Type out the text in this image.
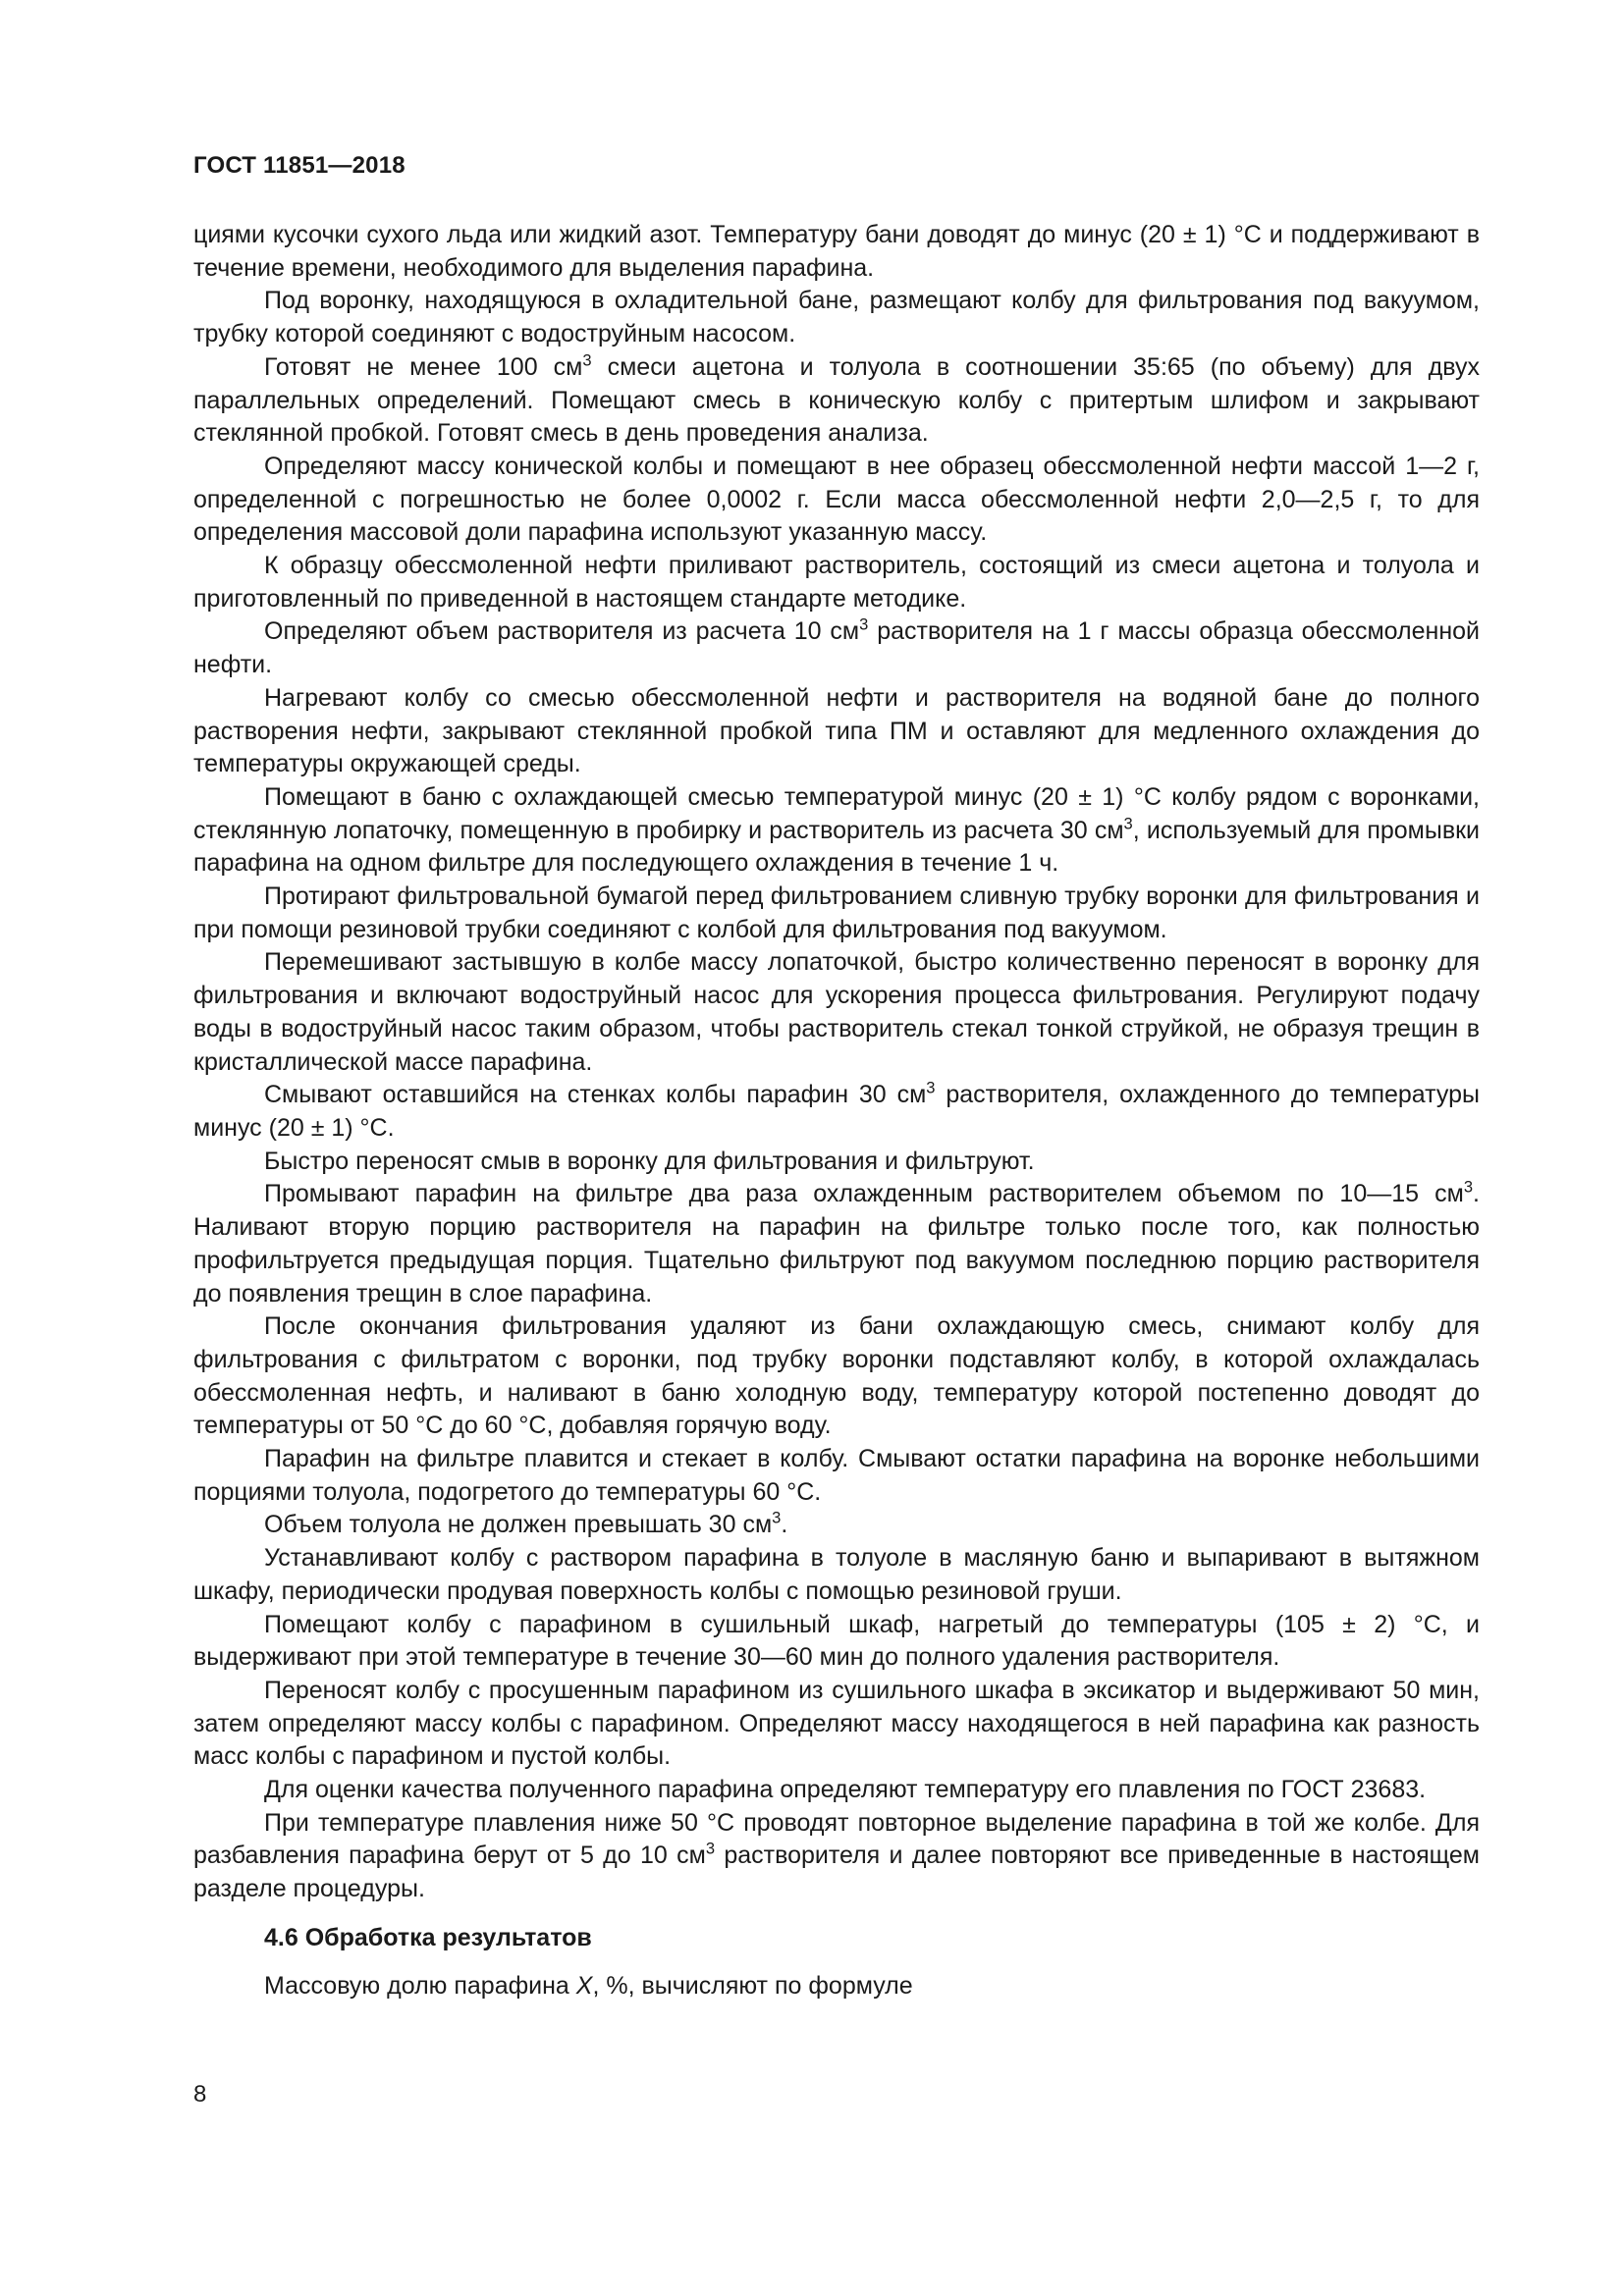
ГОСТ 11851—2018

циями кусочки сухого льда или жидкий азот. Температуру бани доводят до минус (20 ± 1) °С и поддерживают в течение времени, необходимого для выделения парафина.

Под воронку, находящуюся в охладительной бане, размещают колбу для фильтрования под вакуумом, трубку которой соединяют с водоструйным насосом.

Готовят не менее 100 $см^3$ смеси ацетона и толуола в соотношении 35:65 (по объему) для двух параллельных определений. Помещают смесь в коническую колбу с притертым шлифом и закрывают стеклянной пробкой. Готовят смесь в день проведения анализа.

Определяют массу конической колбы и помещают в нее образец обессмоленной нефти массой 1—2 г, определенной с погрешностью не более 0,0002 г. Если масса обессмоленной нефти 2,0—2,5 г, то для определения массовой доли парафина используют указанную массу.

К образцу обессмоленной нефти приливают растворитель, состоящий из смеси ацетона и толуола и приготовленный по приведенной в настоящем стандарте методике.

Определяют объем растворителя из расчета 10 $см^3$ растворителя на 1 г массы образца обессмоленной нефти.

Нагревают колбу со смесью обессмоленной нефти и растворителя на водяной бане до полного растворения нефти, закрывают стеклянной пробкой типа ПМ и оставляют для медленного охлаждения до температуры окружающей среды.

Помещают в баню с охлаждающей смесью температурой минус (20 ± 1) °С колбу рядом с воронками, стеклянную лопаточку, помещенную в пробирку и растворитель из расчета 30 $см^3$, используемый для промывки парафина на одном фильтре для последующего охлаждения в течение 1 ч.

Протирают фильтровальной бумагой перед фильтрованием сливную трубку воронки для фильтрования и при помощи резиновой трубки соединяют с колбой для фильтрования под вакуумом.

Перемешивают застывшую в колбе массу лопаточкой, быстро количественно переносят в воронку для фильтрования и включают водоструйный насос для ускорения процесса фильтрования. Регулируют подачу воды в водоструйный насос таким образом, чтобы растворитель стекал тонкой струйкой, не образуя трещин в кристаллической массе парафина.

Смывают оставшийся на стенках колбы парафин 30 $см^3$ растворителя, охлажденного до температуры минус (20 ± 1) °С.

Быстро переносят смыв в воронку для фильтрования и фильтруют.

Промывают парафин на фильтре два раза охлажденным растворителем объемом по 10—15 $см^3$. Наливают вторую порцию растворителя на парафин на фильтре только после того, как полностью профильтруется предыдущая порция. Тщательно фильтруют под вакуумом последнюю порцию растворителя до появления трещин в слое парафина.

После окончания фильтрования удаляют из бани охлаждающую смесь, снимают колбу для фильтрования с фильтратом с воронки, под трубку воронки подставляют колбу, в которой охлаждалась обессмоленная нефть, и наливают в баню холодную воду, температуру которой постепенно доводят до температуры от 50 °С до 60 °С, добавляя горячую воду.

Парафин на фильтре плавится и стекает в колбу. Смывают остатки парафина на воронке небольшими порциями толуола, подогретого до температуры 60 °С.

Объем толуола не должен превышать 30 $см^3$.

Устанавливают колбу с раствором парафина в толуоле в масляную баню и выпаривают в вытяжном шкафу, периодически продувая поверхность колбы с помощью резиновой груши.

Помещают колбу с парафином в сушильный шкаф, нагретый до температуры (105 ± 2) °С, и выдерживают при этой температуре в течение 30—60 мин до полного удаления растворителя.

Переносят колбу с просушенным парафином из сушильного шкафа в эксикатор и выдерживают 50 мин, затем определяют массу колбы с парафином. Определяют массу находящегося в ней парафина как разность масс колбы с парафином и пустой колбы.

Для оценки качества полученного парафина определяют температуру его плавления по ГОСТ 23683.

При температуре плавления ниже 50 °С проводят повторное выделение парафина в той же колбе. Для разбавления парафина берут от 5 до 10 $см^3$ растворителя и далее повторяют все приведенные в настоящем разделе процедуры.

4.6 Обработка результатов
Массовую долю парафина X, %, вычисляют по формуле
8
